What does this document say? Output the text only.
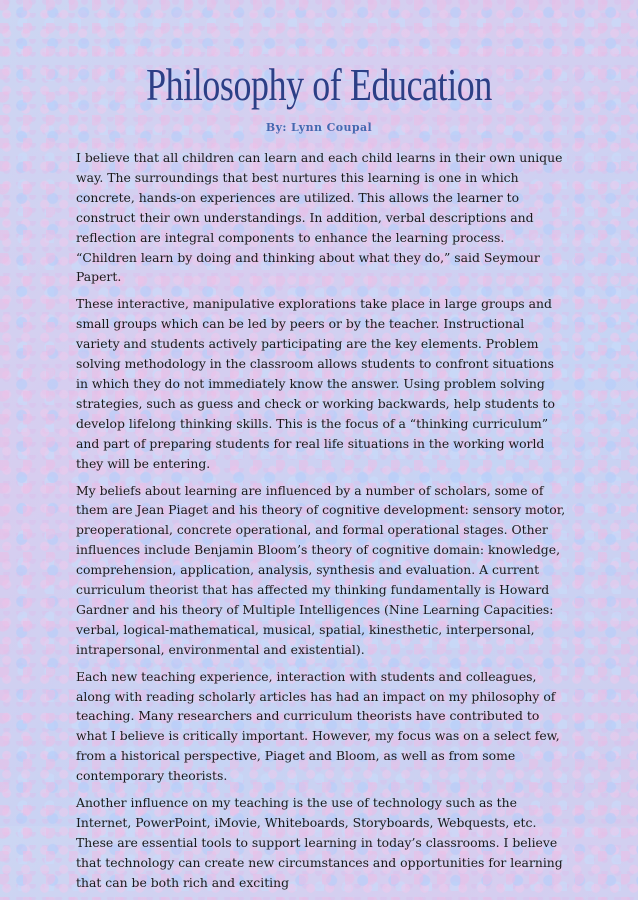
Philosophy of Education
By: Lynn Coupal

I believe that all children can learn and each child learns in their own unique way. The surroundings that best nurtures this learning is one in which concrete, hands-on experiences are utilized. This allows the learner to construct their own understandings. In addition, verbal descriptions and reflection are integral components to enhance the learning process. “Children learn by doing and thinking about what they do,” said Seymour Papert.

These interactive, manipulative explorations take place in large groups and small groups which can be led by peers or by the teacher. Instructional variety and students actively participating are the key elements. Problem solving methodology in the classroom allows students to confront situations in which they do not immediately know the answer. Using problem solving strategies, such as guess and check or working backwards, help students to develop lifelong thinking skills. This is the focus of a “thinking curriculum” and part of preparing students for real life situations in the working world they will be entering.

My beliefs about learning are influenced by a number of scholars, some of them are Jean Piaget and his theory of cognitive development: sensory motor, preoperational, concrete operational, and formal operational stages. Other influences include Benjamin Bloom’s theory of cognitive domain: knowledge, comprehension, application, analysis, synthesis and evaluation. A current curriculum theorist that has affected my thinking fundamentally is Howard Gardner and his theory of Multiple Intelligences (Nine Learning Capacities: verbal, logical-mathematical, musical, spatial, kinesthetic, interpersonal, intrapersonal, environmental and existential).

Each new teaching experience, interaction with students and colleagues, along with reading scholarly articles has had an impact on my philosophy of teaching. Many researchers and curriculum theorists have contributed to what I believe is critically important. However, my focus was on a select few, from a historical perspective, Piaget and Bloom, as well as from some contemporary theorists.

Another influence on my teaching is the use of technology such as the Internet, PowerPoint, iMovie, Whiteboards, Storyboards, Webquests, etc. These are essential tools to support learning in today’s classrooms. I believe that technology can create new circumstances and opportunities for learning that can be both rich and exciting
